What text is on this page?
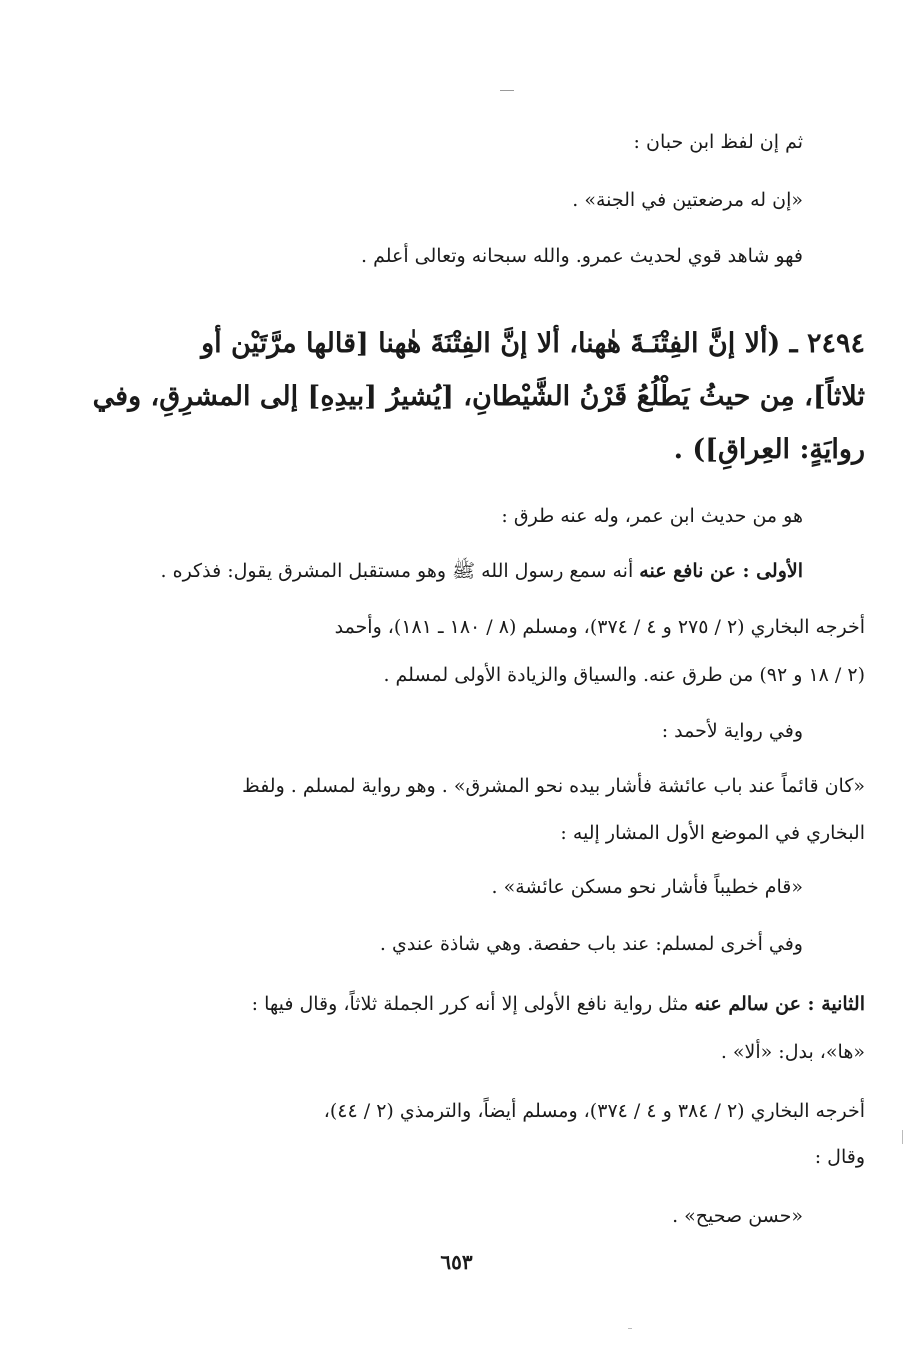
ثم إن لفظ ابن حبان :
«إن له مرضعتين في الجنة» .
فهو شاهد قوي لحديث عمرو. والله سبحانه وتعالى أعلم .
٢٤٩٤ ـ (ألا إنَّ الفِتْنَـةَ هٰهنا، ألا إنَّ الفِتْنَةَ هٰهنا [قالها مرَّتَيْن أو
ثلاثاً]، مِن حيثُ يَطْلُعُ قَرْنُ الشَّيْطانِ، [يُشيرُ [بيدِهِ] إلى المشرِقِ، وفي
روايَةٍ: العِراقِ]) .
هو من حديث ابن عمر، وله عنه طرق :
الأولى : عن نافع عنه أنه سمع رسول الله ﷺ وهو مستقبل المشرق يقول: فذكره .
أخرجه البخاري (٢ / ٢٧٥ و ٤ / ٣٧٤)، ومسلم (٨ / ١٨٠ ـ ١٨١)، وأحمد
(٢ / ١٨ و ٩٢) من طرق عنه. والسياق والزيادة الأولى لمسلم .
وفي رواية لأحمد :
«كان قائماً عند باب عائشة فأشار بيده نحو المشرق» . وهو رواية لمسلم . ولفظ
البخاري في الموضع الأول المشار إليه :
«قام خطيباً فأشار نحو مسكن عائشة» .
وفي أخرى لمسلم: عند باب حفصة. وهي شاذة عندي .
الثانية : عن سالم عنه مثل رواية نافع الأولى إلا أنه كرر الجملة ثلاثاً، وقال فيها :
«ها»، بدل: «ألا» .
أخرجه البخاري (٢ / ٣٨٤ و ٤ / ٣٧٤)، ومسلم أيضاً، والترمذي (٢ / ٤٤)،
وقال :
«حسن صحيح» .
٦٥٣
